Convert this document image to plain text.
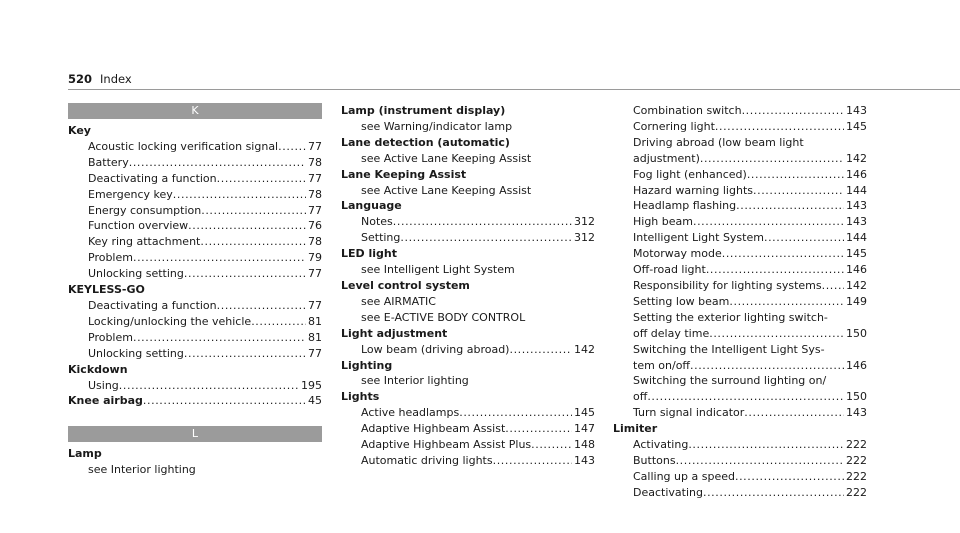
520 Index
K
Key
Acoustic locking verification signal .....	77
Battery .....	78
Deactivating a function .....	77
Emergency key .....	78
Energy consumption .....	77
Function overview .....	76
Key ring attachment .....	78
Problem .....	79
Unlocking setting .....	77
KEYLESS-GO
Deactivating a function .....	77
Locking/unlocking the vehicle .....	81
Problem .....	81
Unlocking setting .....	77
Kickdown
Using .....	195
Knee airbag .....	45
L
Lamp
see Interior lighting
Lamp (instrument display)
see Warning/indicator lamp
Lane detection (automatic)
see Active Lane Keeping Assist
Lane Keeping Assist
see Active Lane Keeping Assist
Language
Notes .....	312
Setting .....	312
LED light
see Intelligent Light System
Level control system
see AIRMATIC
see E-ACTIVE BODY CONTROL
Light adjustment
Low beam (driving abroad) .....	142
Lighting
see Interior lighting
Lights
Active headlamps .....	145
Adaptive Highbeam Assist .....	147
Adaptive Highbeam Assist Plus .....	148
Automatic driving lights .....	143
Combination switch .....	143
Cornering light .....	145
Driving abroad (low beam light
adjustment) .....	142
Fog light (enhanced) .....	146
Hazard warning lights .....	144
Headlamp flashing .....	143
High beam .....	143
Intelligent Light System .....	144
Motorway mode .....	145
Off-road light .....	146
Responsibility for lighting systems ..... 142
Setting low beam .....	149
Setting the exterior lighting switch-
off delay time .....	150
Switching the Intelligent Light Sys-
tem on/off .....	146
Switching the surround lighting on/
off .....	150
Turn signal indicator .....	143
Limiter
Activating .....	222
Buttons .....	222
Calling up a speed .....	222
Deactivating .....	222
